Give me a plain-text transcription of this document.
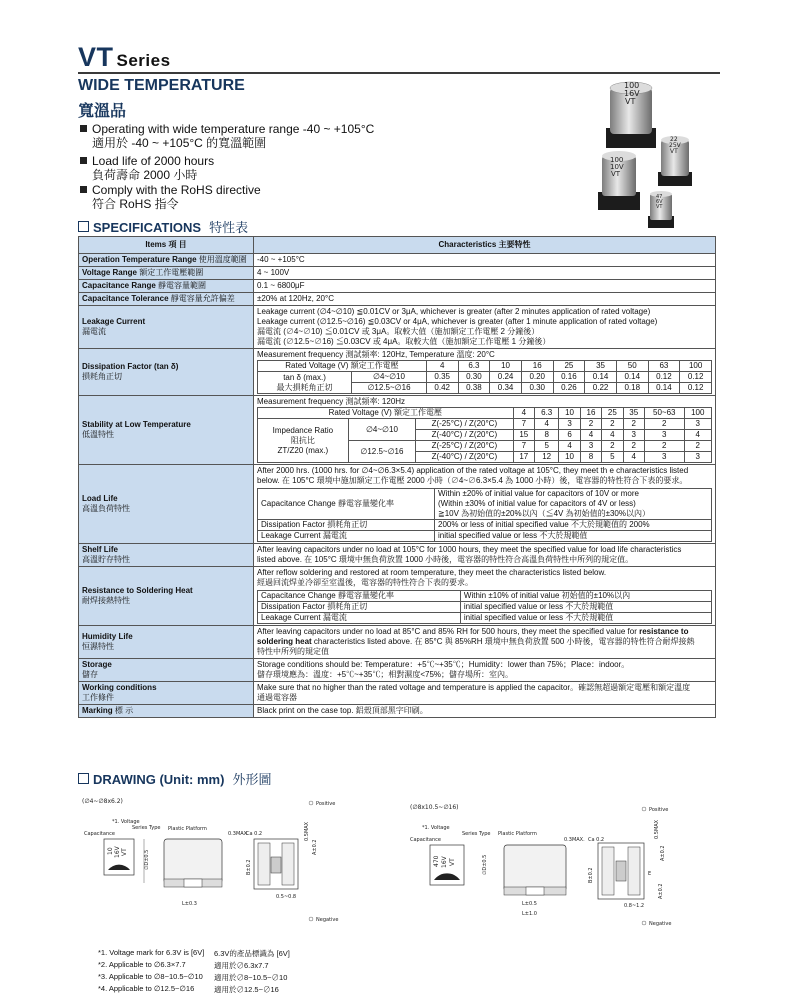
VT Series
WIDE TEMPERATURE
寬溫品
Operating with wide temperature range -40 ~ +105°C
適用於 -40 ~ +105°C 的寬溫範圍
Load life of 2000 hours
負荷壽命 2000 小時
Comply with the RoHS directive
符合 RoHS 指令
100
16V
VT
22
25V
VT
100
10V
VT
47
6V
VT
SPECIFICATIONS 特性表
Items 項 目	Characteristics 主要特性
Operation Temperature Range 使用溫度範圍	-40 ~ +105°C
Voltage Range 額定工作電壓範圍	4 ~ 100V
Capacitance Range 靜電容量範圍	0.1 ~ 6800μF
Capacitance Tolerance 靜電容量允許偏差	±20% at 120Hz, 20°C
Leakage Current
漏電流	
Leakage current (∅4~∅10) ≦0.01CV or 3μA, whichever is greater (after 2 minutes application of rated voltage)
Leakage current (∅12.5~∅16) ≦0.03CV or 4μA, whichever is greater (after 1 minute application of rated voltage)
漏電流 (∅4~∅10) ≦0.01CV 或 3μA。取較大值（施加額定工作電壓 2 分鐘後）
漏電流 (∅12.5~∅16) ≦0.03CV 或 4μA。取較大值（施加額定工作電壓 1 分鐘後）

Dissipation Factor (tan δ)
損耗角正切	
Measurement frequency 測試頻率: 120Hz, Temperature 溫度: 20°C
Rated Voltage (V) 額定工作電壓	4	6.3	10	16	25	35	50	63	100
tan δ (max.)
最大損耗角正切	∅4~∅10	0.35	0.30	0.24	0.20	0.16	0.14	0.14	0.12	0.12
∅12.5~∅16	0.42	0.38	0.34	0.30	0.26	0.22	0.18	0.14	0.12

Stability at Low Temperature
低溫特性	
Measurement frequency 測試頻率: 120Hz
Rated Voltage (V) 額定工作電壓	4	6.3	10	16	25	35	50~63	100
Impedance Ratio
阻抗比
ZT/Z20 (max.)	∅4~∅10	Z(-25°C) / Z(20°C)	7	4	3	2	2	2	2	3
Z(-40°C) / Z(20°C)	15	8	6	4	4	3	3	4
∅12.5~∅16	Z(-25°C) / Z(20°C)	7	5	4	3	2	2	2	2
Z(-40°C) / Z(20°C)	17	12	10	8	5	4	3	3

Load Life
高溫負荷特性	
After 2000 hrs. (1000 hrs. for ∅4~∅6.3×5.4) application of the rated voltage at 105°C, they meet th e characteristics listed
below. 在 105°C 環境中施加額定工作電壓 2000 小時（∅4~∅6.3×5.4 為 1000 小時）後，電容器的特性符合下表的要求。
Capacitance Change 靜電容量變化率	
Within ±20% of initial value for capacitors of 10V or more
(Within ±30% of initial value for capacitors of 4V or less)
≧10V 為初始值的±20%以內（≦4V 為初始值的±30%以內）

Dissipation Factor 損耗角正切	200% or less of initial specified value 不大於規範值的 200%
Leakage Current 漏電流	initial specified value or less 不大於規範值

Shelf Life
高溫貯存特性	
After leaving capacitors under no load at 105°C for 1000 hours, they meet the specified value for load life characteristics
listed above. 在 105°C 環境中無負荷放置 1000 小時後，電容器的特性符合高溫負荷特性中所列的規定值。

Resistance to Soldering Heat
耐焊接熱特性	
After reflow soldering and restored at room temperature, they meet the characteristics listed below.
經過回流焊並冷卻至室溫後，電容器的特性符合下表的要求。
Capacitance Change 靜電容量變化率	Within ±10% of initial value 初始值的±10%以內
Dissipation Factor 損耗角正切	initial specified value or less 不大於規範值
Leakage Current 漏電流	initial specified value or less 不大於規範值

Humidity Life
恒濕特性	
After leaving capacitors under no load at 85°C and 85% RH for 500 hours, they meet the specified value for resistance to
soldering heat characteristics listed above. 在 85°C 與 85%RH 環境中無負荷放置 500 小時後，電容器的特性符合耐焊接熱
特性中所列的規定值

Storage
儲存	
Storage conditions should be: Temperature：+5℃~+35℃；Humidity：lower than 75%；Place：indoor。
儲存環境應為：溫度：+5℃~+35℃；相對濕度<75%；儲存場所：室內。

Working conditions
工作條件	
Make sure that no higher than the rated voltage and temperature is applied the capacitor。確認無超過額定電壓和額定溫度
通過電容器

Marking 標 示	Black print on the case top. 鋁殼頂部黑字印刷。
DRAWING (Unit: mm) 外形圖
(∅4~∅8x6.2)
*1. Voltage
Capacitance
Series Type Plastic Platform
10 16V VT	∅D±0.5
L±0.3
0.3MAX.
Ca 0.2	0.5MAX
A±0.2
B±0.2
0.5~0.8
Positive
Negative
(∅8x10.5~∅16)
*1. Voltage
Capacitance
Series Type Plastic Platform
470 16V VT	∅D±0.5
L±0.5
L±1.0
0.3MAX. Ca 0.2
0.5MAX
A±0.2
B±0.2	E
0.8~1.2
A±0.2
Positive
Negative
*1. Voltage mark for 6.3V is [6V] 6.3V的產品標識為 [6V]
*2. Applicable to ∅6.3×7.7	適用於∅6.3x7.7
*3. Applicable to ∅8~10.5~∅10 適用於∅8~10.5~∅10
*4. Applicable to ∅12.5~∅16	適用於∅12.5~∅16
